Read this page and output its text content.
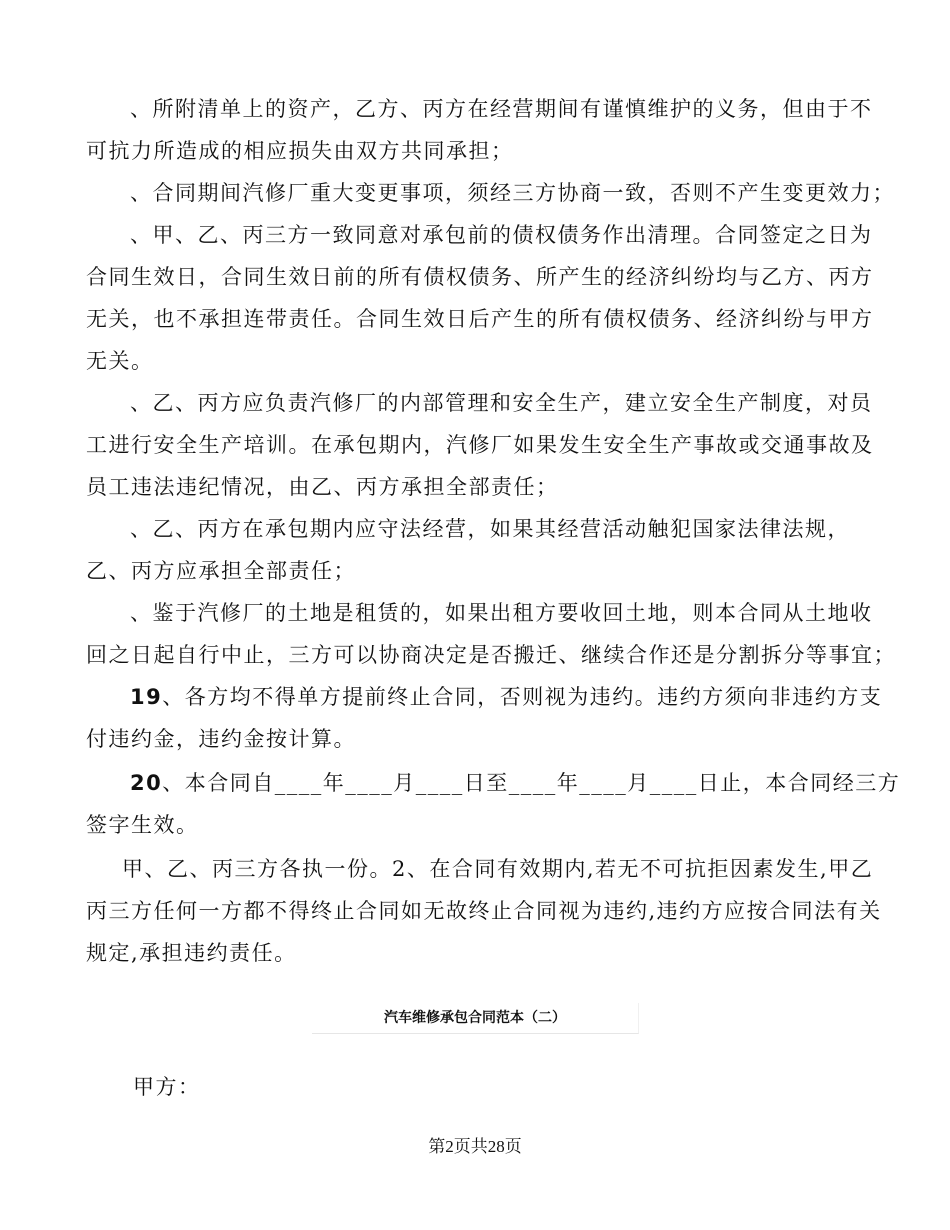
、所附清单上的资产，乙方、丙方在经营期间有谨慎维护的义务，但由于不
可抗力所造成的相应损失由双方共同承担；
、合同期间汽修厂重大变更事项，须经三方协商一致，否则不产生变更效力；
、甲、乙、丙三方一致同意对承包前的债权债务作出清理。合同签定之日为
合同生效日，合同生效日前的所有债权债务、所产生的经济纠纷均与乙方、丙方
无关，也不承担连带责任。合同生效日后产生的所有债权债务、经济纠纷与甲方
无关。
、乙、丙方应负责汽修厂的内部管理和安全生产，建立安全生产制度，对员
工进行安全生产培训。在承包期内，汽修厂如果发生安全生产事故或交通事故及
员工违法违纪情况，由乙、丙方承担全部责任；
、乙、丙方在承包期内应守法经营，如果其经营活动触犯国家法律法规，
乙、丙方应承担全部责任；
、鉴于汽修厂的土地是租赁的，如果出租方要收回土地，则本合同从土地收
回之日起自行中止，三方可以协商决定是否搬迁、继续合作还是分割拆分等事宜；
19、各方均不得单方提前终止合同，否则视为违约。违约方须向非违约方支
付违约金，违约金按计算。
20、本合同自____年____月____日至____年____月____日止，本合同经三方
签字生效。
甲、乙、丙三方各执一份。2、在合同有效期内,若无不可抗拒因素发生,甲乙
丙三方任何一方都不得终止合同如无故终止合同视为违约,违约方应按合同法有关
规定,承担违约责任。
汽车维修承包合同范本（二）
甲方：
第2页共28页
